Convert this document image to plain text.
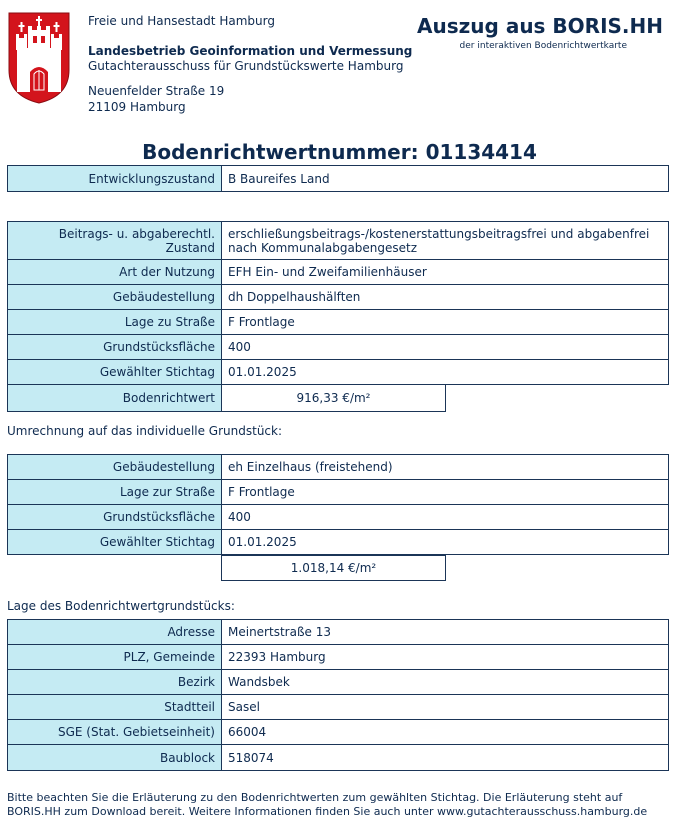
Freie und Hansestadt Hamburg
Landesbetrieb Geoinformation und Vermessung
Gutachterausschuss für Grundstückswerte Hamburg
Neuenfelder Straße 19
21109 Hamburg
Auszug aus BORIS.HH
der interaktiven Bodenrichtwertkarte
Bodenrichtwertnummer: 01134414
Entwicklungszustand	B Baureifes Land
Beitrags- u. abgaberechtl. Zustand	erschließungsbeitrags-/kostenerstattungsbeitragsfrei und abgabenfrei nach Kommunalabgabengesetz
Art der Nutzung	EFH Ein- und Zweifamilienhäuser
Gebäudestellung	dh Doppelhaushälften
Lage zu Straße	F Frontlage
Grundstücksfläche	400
Gewählter Stichtag	01.01.2025
Bodenrichtwert	916,33 €/m²
Umrechnung auf das individuelle Grundstück:
Gebäudestellung	eh Einzelhaus (freistehend)
Lage zur Straße	F Frontlage
Grundstücksfläche	400
Gewählter Stichtag	01.01.2025
1.018,14 €/m²
Lage des Bodenrichtwertgrundstücks:
Adresse	Meinertstraße 13
PLZ, Gemeinde	22393 Hamburg
Bezirk	Wandsbek
Stadtteil	Sasel
SGE (Stat. Gebietseinheit)	66004
Baublock	518074
Bitte beachten Sie die Erläuterung zu den Bodenrichtwerten zum gewählten Stichtag. Die Erläuterung steht auf BORIS.HH zum Download bereit. Weitere Informationen finden Sie auch unter www.gutachterausschuss.hamburg.de
